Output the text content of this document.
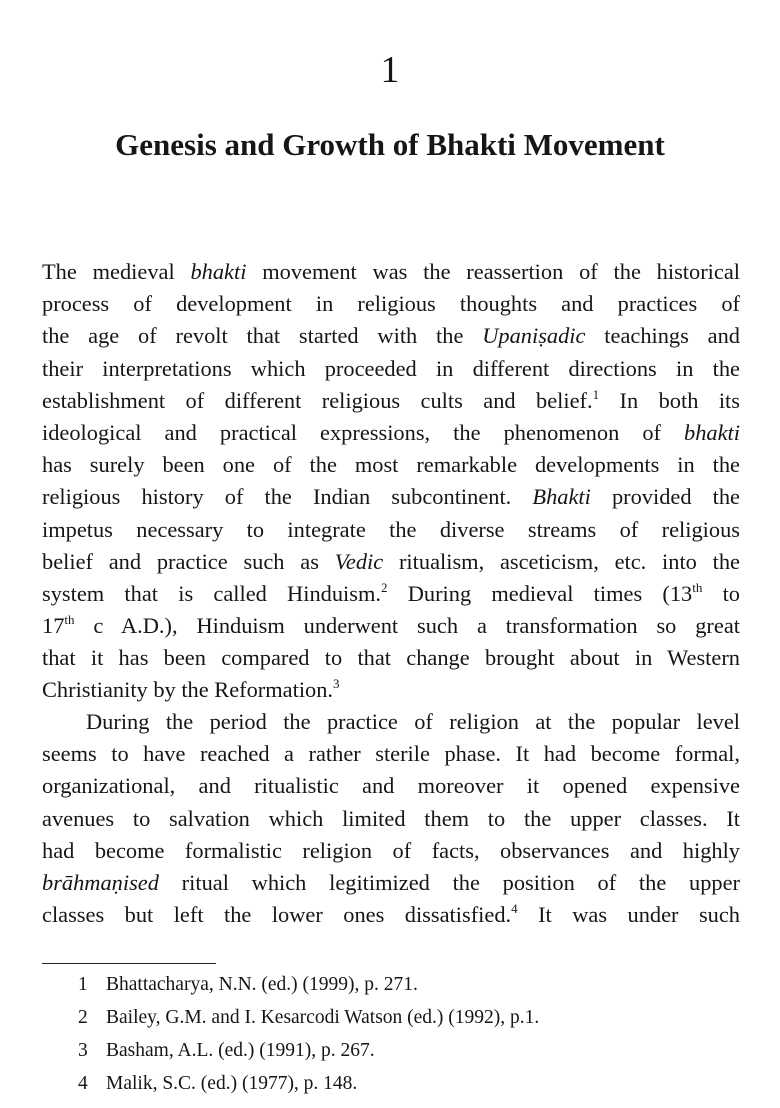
1
Genesis and Growth of Bhakti Movement
The medieval bhakti movement was the reassertion of the historical
process of development in religious thoughts and practices of
the age of revolt that started with the Upaniṣadic teachings and
their interpretations which proceeded in different directions in the
establishment of different religious cults and belief.$^1$ In both its
ideological and practical expressions, the phenomenon of bhakti
has surely been one of the most remarkable developments in the
religious history of the Indian subcontinent. Bhakti provided the
impetus necessary to integrate the diverse streams of religious
belief and practice such as Vedic ritualism, asceticism, etc. into the
system that is called Hinduism.$^2$ During medieval times (13th to
17th c A.D.), Hinduism underwent such a transformation so great
that it has been compared to that change brought about in Western
Christianity by the Reformation.$^3$
During the period the practice of religion at the popular level
seems to have reached a rather sterile phase. It had become formal,
organizational, and ritualistic and moreover it opened expensive
avenues to salvation which limited them to the upper classes. It
had become formalistic religion of facts, observances and highly
brāhmaṇised ritual which legitimized the position of the upper
classes but left the lower ones dissatisfied.$^4$ It was under such
1 Bhattacharya, N.N. (ed.) (1999), p. 271.
2 Bailey, G.M. and I. Kesarcodi Watson (ed.) (1992), p.1.
3 Basham, A.L. (ed.) (1991), p. 267.
4 Malik, S.C. (ed.) (1977), p. 148.
